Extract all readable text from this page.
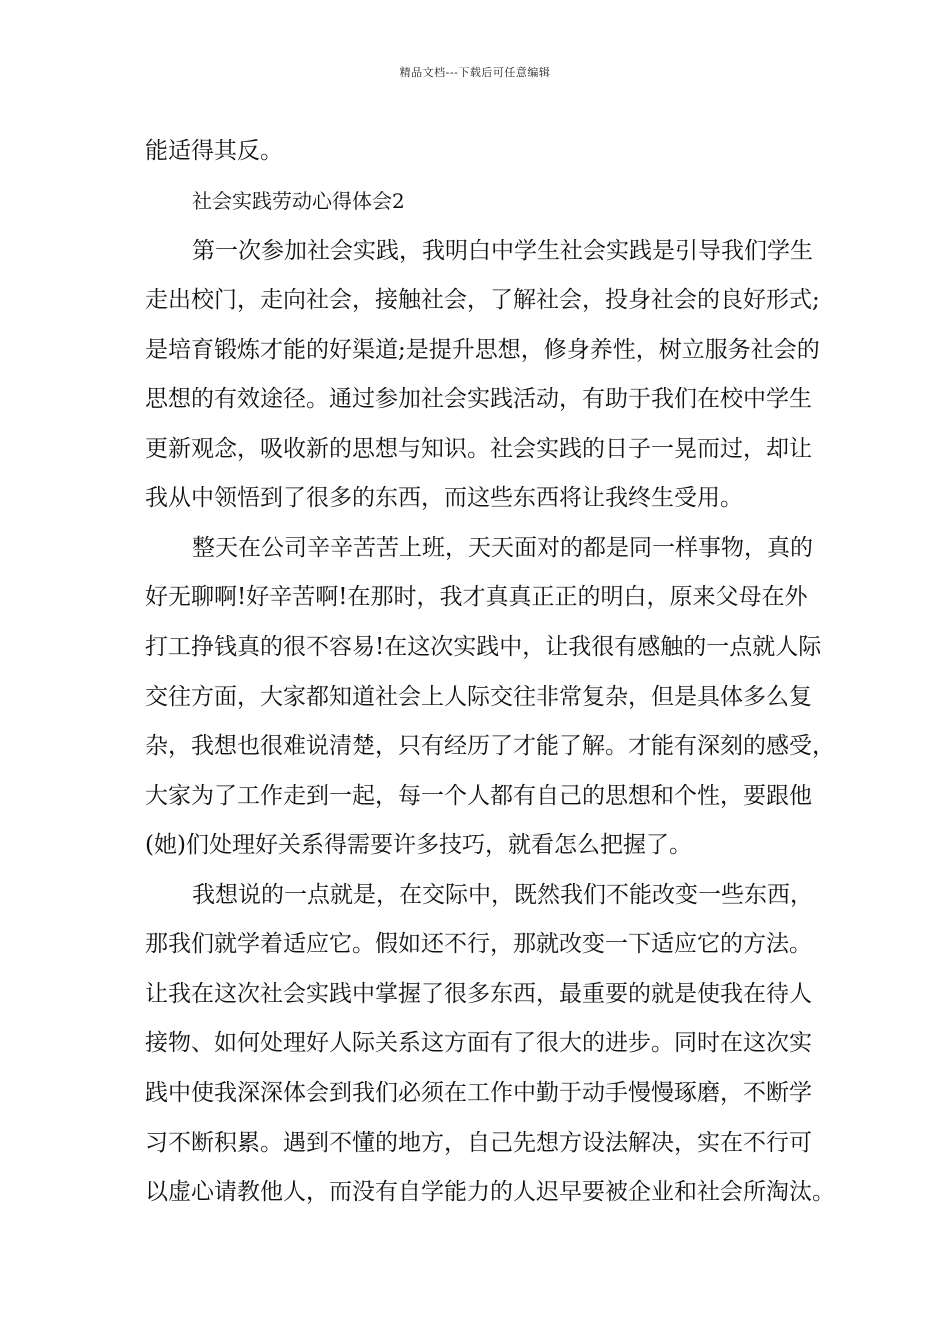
精品文档---下载后可任意编辑
能适得其反。
社会实践劳动心得体会2
第一次参加社会实践，我明白中学生社会实践是引导我们学生
走出校门，走向社会，接触社会，了解社会，投身社会的良好形式;
是培育锻炼才能的好渠道;是提升思想，修身养性，树立服务社会的
思想的有效途径。通过参加社会实践活动，有助于我们在校中学生
更新观念，吸收新的思想与知识。社会实践的日子一晃而过，却让
我从中领悟到了很多的东西，而这些东西将让我终生受用。
整天在公司辛辛苦苦上班，天天面对的都是同一样事物，真的
好无聊啊!好辛苦啊!在那时，我才真真正正的明白，原来父母在外
打工挣钱真的很不容易!在这次实践中，让我很有感触的一点就人际
交往方面，大家都知道社会上人际交往非常复杂，但是具体多么复
杂，我想也很难说清楚，只有经历了才能了解。才能有深刻的感受，
大家为了工作走到一起，每一个人都有自己的思想和个性，要跟他
(她)们处理好关系得需要许多技巧，就看怎么把握了。
我想说的一点就是，在交际中，既然我们不能改变一些东西，
那我们就学着适应它。假如还不行，那就改变一下适应它的方法。
让我在这次社会实践中掌握了很多东西，最重要的就是使我在待人
接物、如何处理好人际关系这方面有了很大的进步。同时在这次实
践中使我深深体会到我们必须在工作中勤于动手慢慢琢磨，不断学
习不断积累。遇到不懂的地方，自己先想方设法解决，实在不行可
以虚心请教他人，而没有自学能力的人迟早要被企业和社会所淘汰。
